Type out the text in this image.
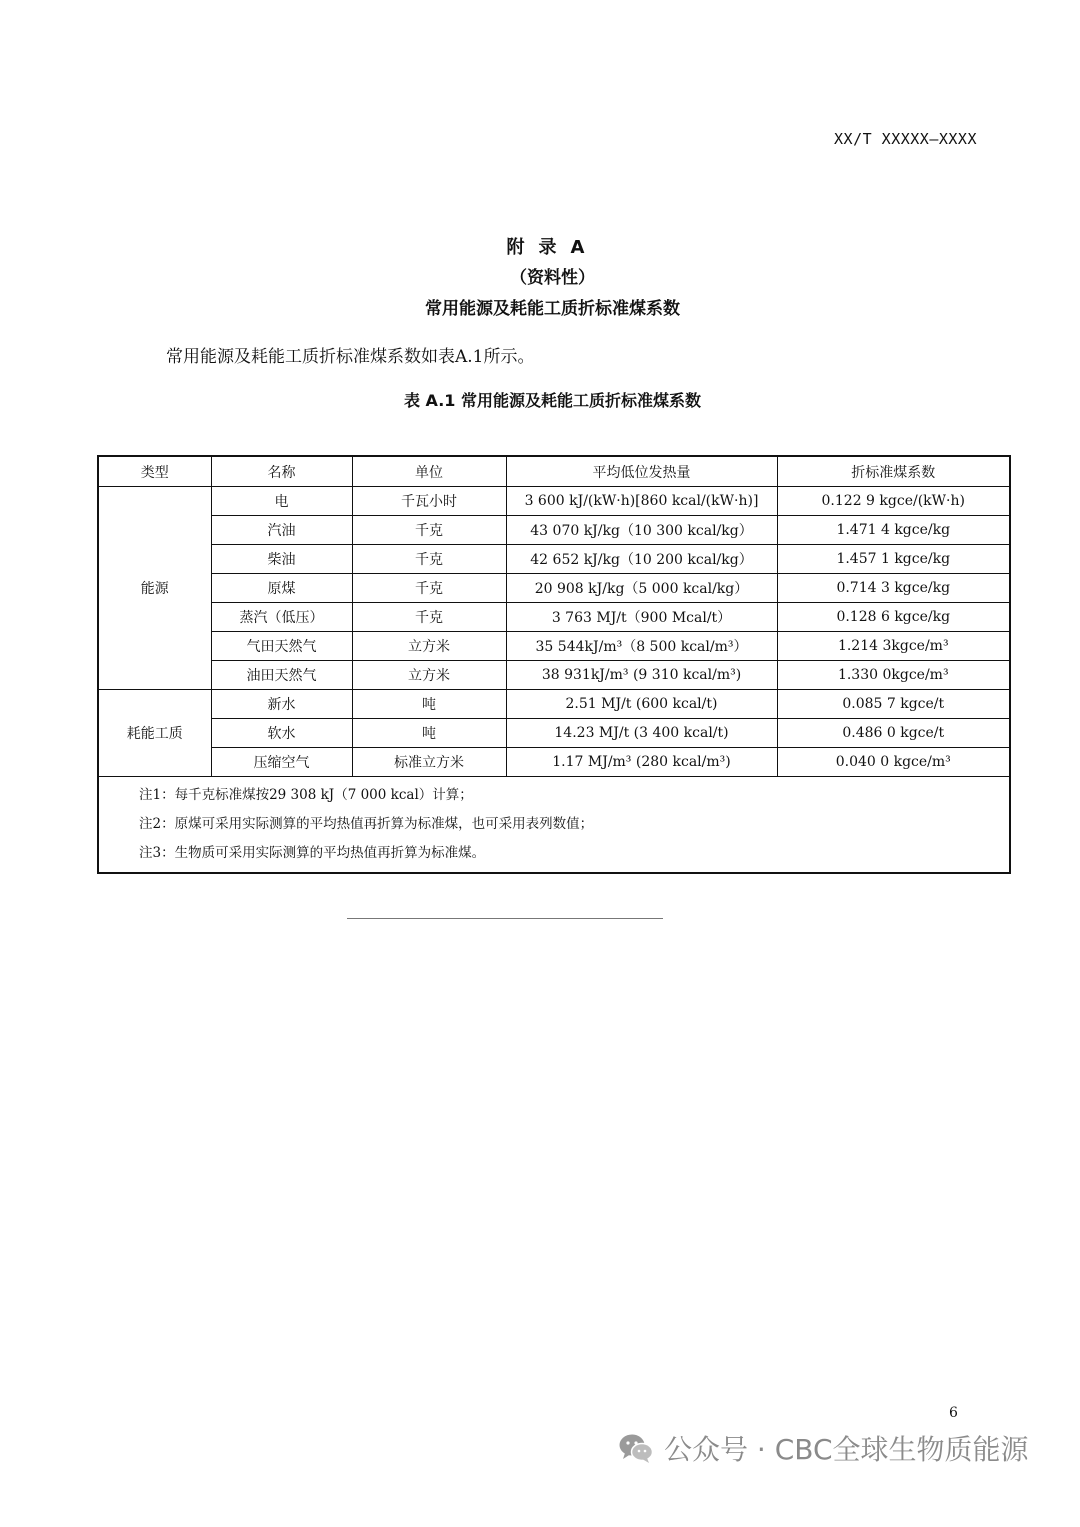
XX/T XXXXX—XXXX
附录A
（资料性）
常用能源及耗能工质折标准煤系数
常用能源及耗能工质折标准煤系数如表A.1所示。
表 A.1 常用能源及耗能工质折标准煤系数
类型	名称	单位	平均低位发热量	折标准煤系数
能源	电	千瓦小时	3 600 kJ/(kW·h)[860 kcal/(kW·h)]	0.122 9 kgce/(kW·h)
	汽油	千克	43 070 kJ/kg（10 300 kcal/kg）	1.471 4 kgce/kg
	柴油	千克	42 652 kJ/kg（10 200 kcal/kg）	1.457 1 kgce/kg
	原煤	千克	20 908 kJ/kg（5 000 kcal/kg）	0.714 3 kgce/kg
	蒸汽（低压）	千克	3 763 MJ/t（900 Mcal/t）	0.128 6 kgce/kg
	气田天然气	立方米	35 544kJ/m³（8 500 kcal/m³）	1.214 3kgce/m³
	油田天然气	立方米	38 931kJ/m³ (9 310 kcal/m³)	1.330 0kgce/m³
耗能工质	新水	吨	2.51 MJ/t (600 kcal/t)	0.085 7 kgce/t
	软水	吨	14.23 MJ/t (3 400 kcal/t)	0.486 0 kgce/t
	压缩空气	标准立方米	1.17 MJ/m³ (280 kcal/m³)	0.040 0 kgce/m³

注1：每千克标准煤按29 308 kJ（7 000 kcal）计算；
注2：原煤可采用实际测算的平均热值再折算为标准煤，也可采用表列数值；
注3：生物质可采用实际测算的平均热值再折算为标准煤。				
6
公众号 · CBC全球生物质能源
